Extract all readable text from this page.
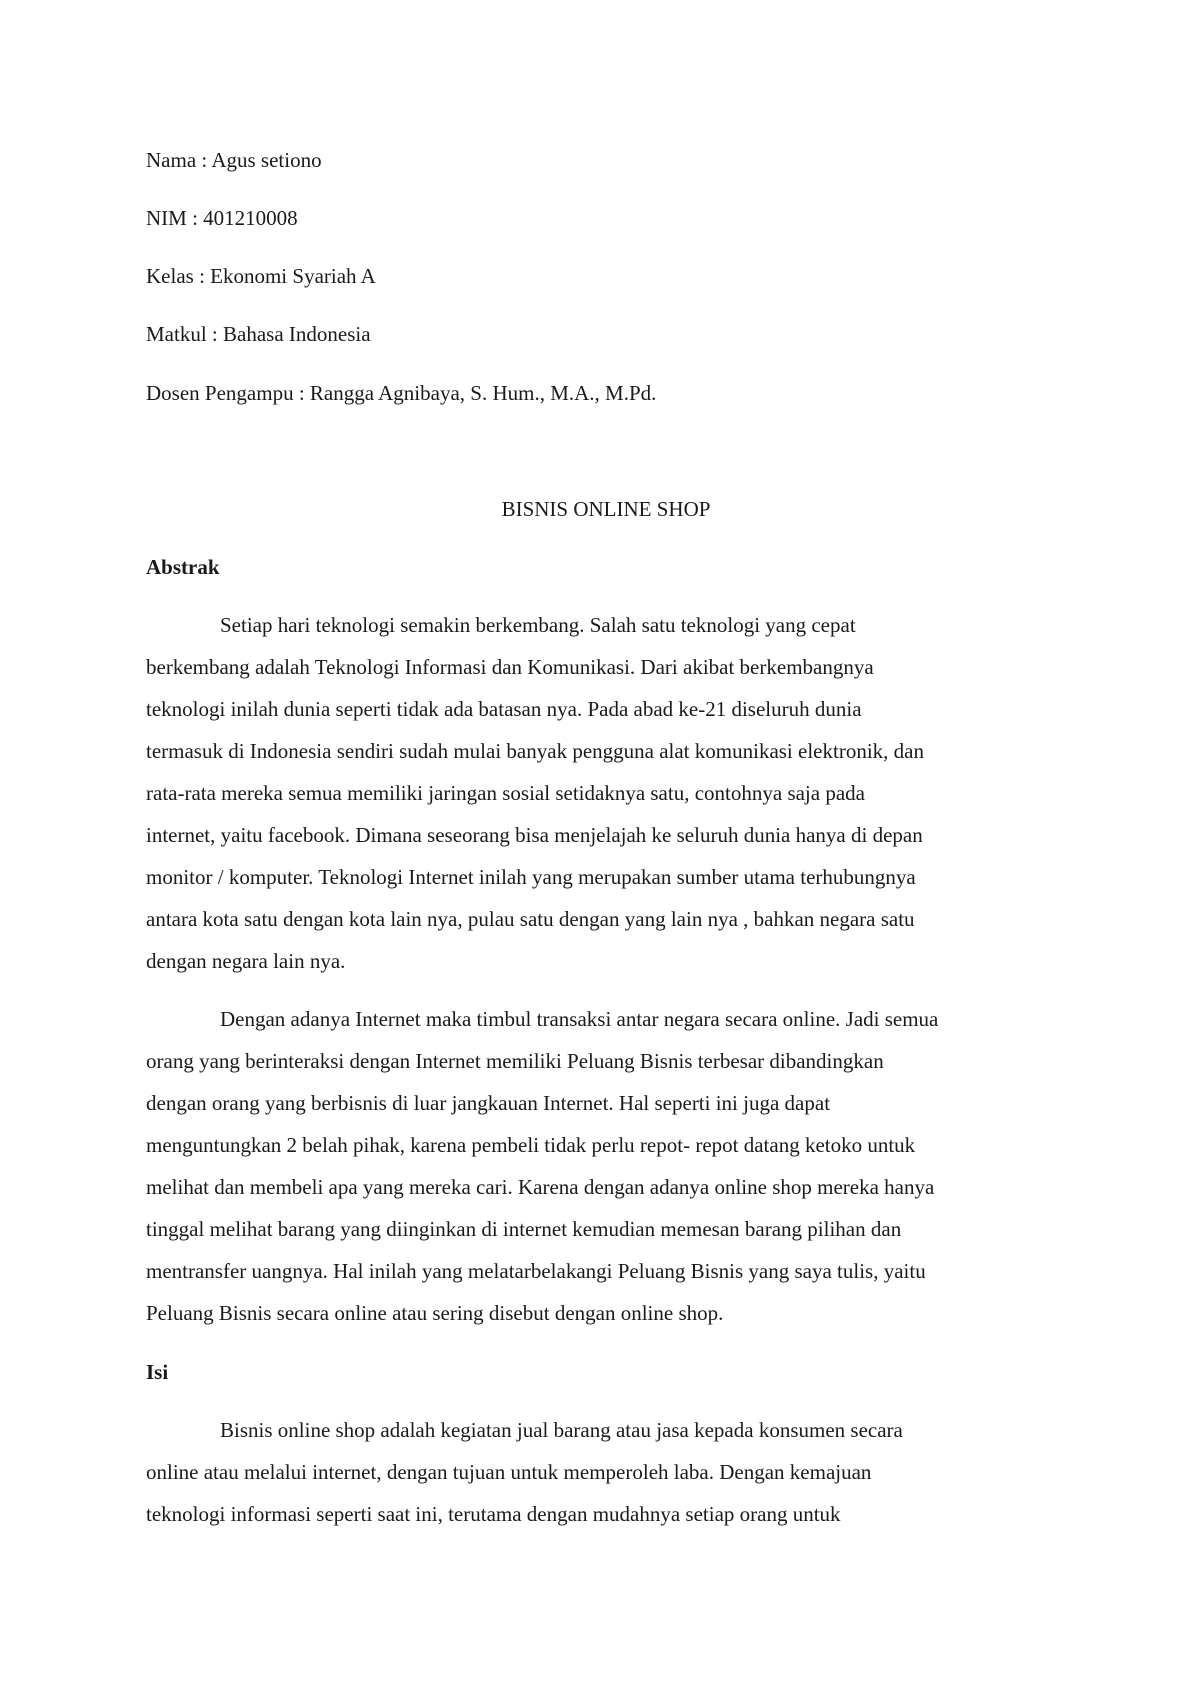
Nama : Agus setiono
NIM : 401210008
Kelas : Ekonomi Syariah A
Matkul : Bahasa Indonesia
Dosen Pengampu : Rangga Agnibaya, S. Hum., M.A., M.Pd.
BISNIS ONLINE SHOP
Abstrak
Setiap hari teknologi semakin berkembang. Salah satu teknologi yang cepat
berkembang adalah Teknologi Informasi dan Komunikasi. Dari akibat berkembangnya
teknologi inilah dunia seperti tidak ada batasan nya. Pada abad ke-21 diseluruh dunia
termasuk di Indonesia sendiri sudah mulai banyak pengguna alat komunikasi elektronik, dan
rata-rata mereka semua memiliki jaringan sosial setidaknya satu, contohnya saja pada
internet, yaitu facebook. Dimana seseorang bisa menjelajah ke seluruh dunia hanya di depan
monitor / komputer. Teknologi Internet inilah yang merupakan sumber utama terhubungnya
antara kota satu dengan kota lain nya, pulau satu dengan yang lain nya , bahkan negara satu
dengan negara lain nya.
Dengan adanya Internet maka timbul transaksi antar negara secara online. Jadi semua
orang yang berinteraksi dengan Internet memiliki Peluang Bisnis terbesar dibandingkan
dengan orang yang berbisnis di luar jangkauan Internet. Hal seperti ini juga dapat
menguntungkan 2 belah pihak, karena pembeli tidak perlu repot- repot datang ketoko untuk
melihat dan membeli apa yang mereka cari. Karena dengan adanya online shop mereka hanya
tinggal melihat barang yang diinginkan di internet kemudian memesan barang pilihan dan
mentransfer uangnya. Hal inilah yang melatarbelakangi Peluang Bisnis yang saya tulis, yaitu
Peluang Bisnis secara online atau sering disebut dengan online shop.
Isi
Bisnis online shop adalah kegiatan jual barang atau jasa kepada konsumen secara
online atau melalui internet, dengan tujuan untuk memperoleh laba. Dengan kemajuan
teknologi informasi seperti saat ini, terutama dengan mudahnya setiap orang untuk
